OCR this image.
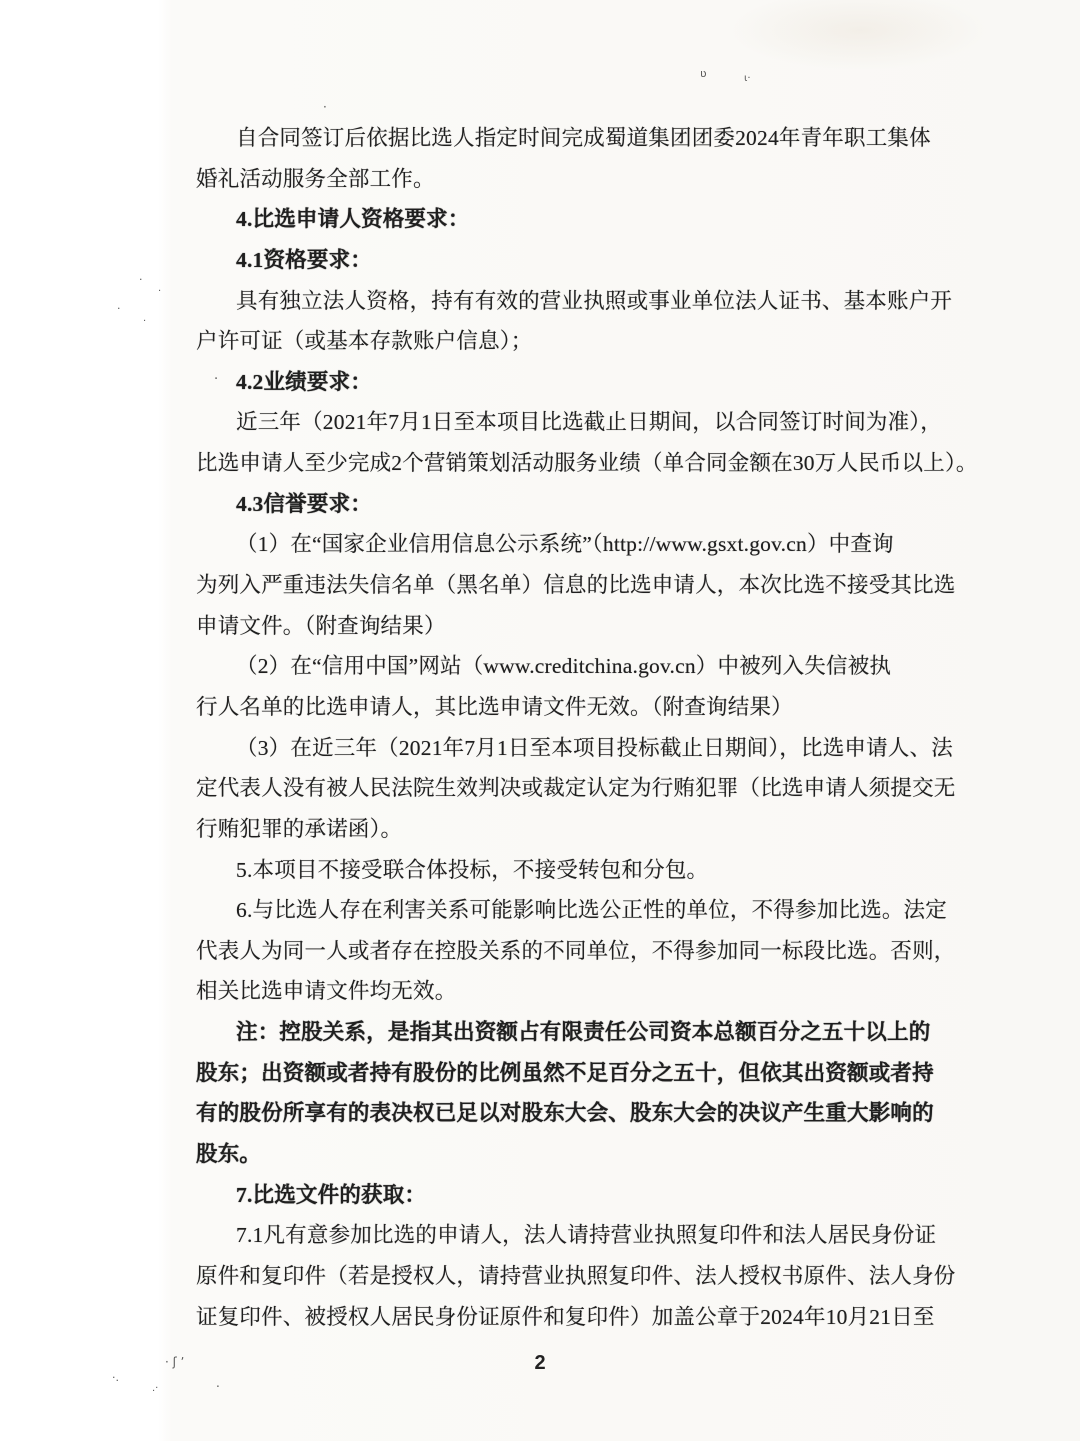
自合同签订后依据比选人指定时间完成蜀道集团团委2024年青年职工集体
婚礼活动服务全部工作。
4.比选申请人资格要求：
4.1资格要求：
具有独立法人资格，持有有效的营业执照或事业单位法人证书、基本账户开
户许可证（或基本存款账户信息）；
4.2业绩要求：
近三年（2021年7月1日至本项目比选截止日期间，以合同签订时间为准），
比选申请人至少完成2个营销策划活动服务业绩（单合同金额在30万人民币以上）。
4.3信誉要求：
（1）在“国家企业信用信息公示系统”（http://www.gsxt.gov.cn）中查询
为列入严重违法失信名单（黑名单）信息的比选申请人，本次比选不接受其比选
申请文件。（附查询结果）
（2）在“信用中国”网站（www.creditchina.gov.cn）中被列入失信被执
行人名单的比选申请人，其比选申请文件无效。（附查询结果）
（3）在近三年（2021年7月1日至本项目投标截止日期间），比选申请人、法
定代表人没有被人民法院生效判决或裁定认定为行贿犯罪（比选申请人须提交无
行贿犯罪的承诺函）。
5.本项目不接受联合体投标，不接受转包和分包。
6.与比选人存在利害关系可能影响比选公正性的单位，不得参加比选。法定
代表人为同一人或者存在控股关系的不同单位，不得参加同一标段比选。否则，
相关比选申请文件均无效。
注：控股关系，是指其出资额占有限责任公司资本总额百分之五十以上的
股东；出资额或者持有股份的比例虽然不足百分之五十，但依其出资额或者持
有的股份所享有的表决权已足以对股东大会、股东大会的决议产生重大影响的
股东。
7.比选文件的获取：
7.1凡有意参加比选的申请人，法人请持营业执照复印件和法人居民身份证
原件和复印件（若是授权人，请持营业执照复印件、法人授权书原件、法人身份
证复印件、被授权人居民身份证原件和复印件）加盖公章于2024年10月21日至
2
ʋ	ι·
·
·
·
·
·
.
· ʃ ʼ
·.	.
.·
